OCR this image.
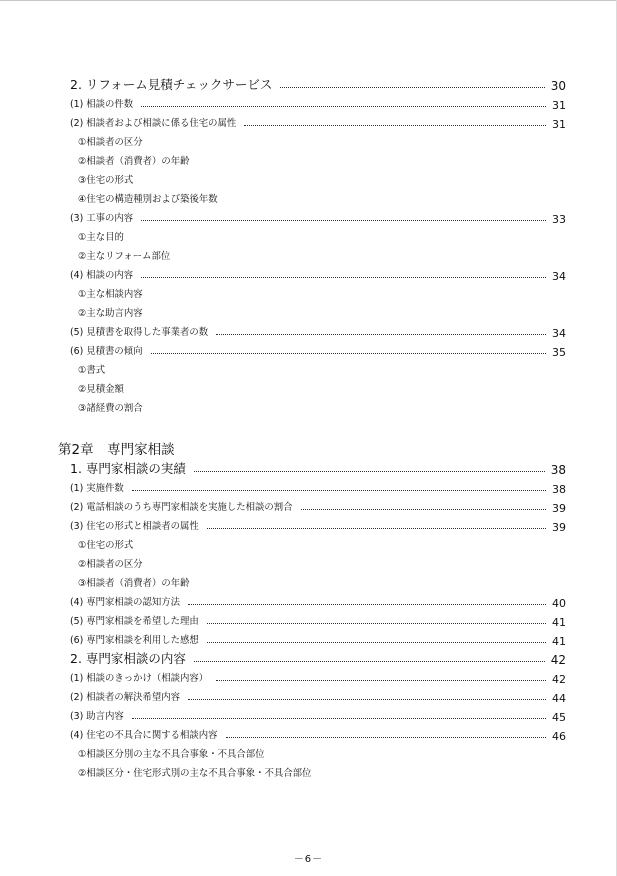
2. リフォーム見積チェックサービス	30
(1) 相談の件数	31
(2) 相談者および相談に係る住宅の属性	31
①相談者の区分
②相談者（消費者）の年齢
③住宅の形式
④住宅の構造種別および築後年数
(3) 工事の内容	33
①主な目的
②主なリフォーム部位
(4) 相談の内容	34
①主な相談内容
②主な助言内容
(5) 見積書を取得した事業者の数	34
(6) 見積書の傾向	35
①書式
②見積金額
③諸経費の割合
第2章　専門家相談
1. 専門家相談の実績	38
(1) 実施件数	38
(2) 電話相談のうち専門家相談を実施した相談の割合	39
(3) 住宅の形式と相談者の属性	39
①住宅の形式
②相談者の区分
③相談者（消費者）の年齢
(4) 専門家相談の認知方法	40
(5) 専門家相談を希望した理由	41
(6) 専門家相談を利用した感想	41
2. 専門家相談の内容	42
(1) 相談のきっかけ（相談内容）	42
(2) 相談者の解決希望内容	44
(3) 助言内容	45
(4) 住宅の不具合に関する相談内容	46
①相談区分別の主な不具合事象・不具合部位
②相談区分・住宅形式別の主な不具合事象・不具合部位
－6－
